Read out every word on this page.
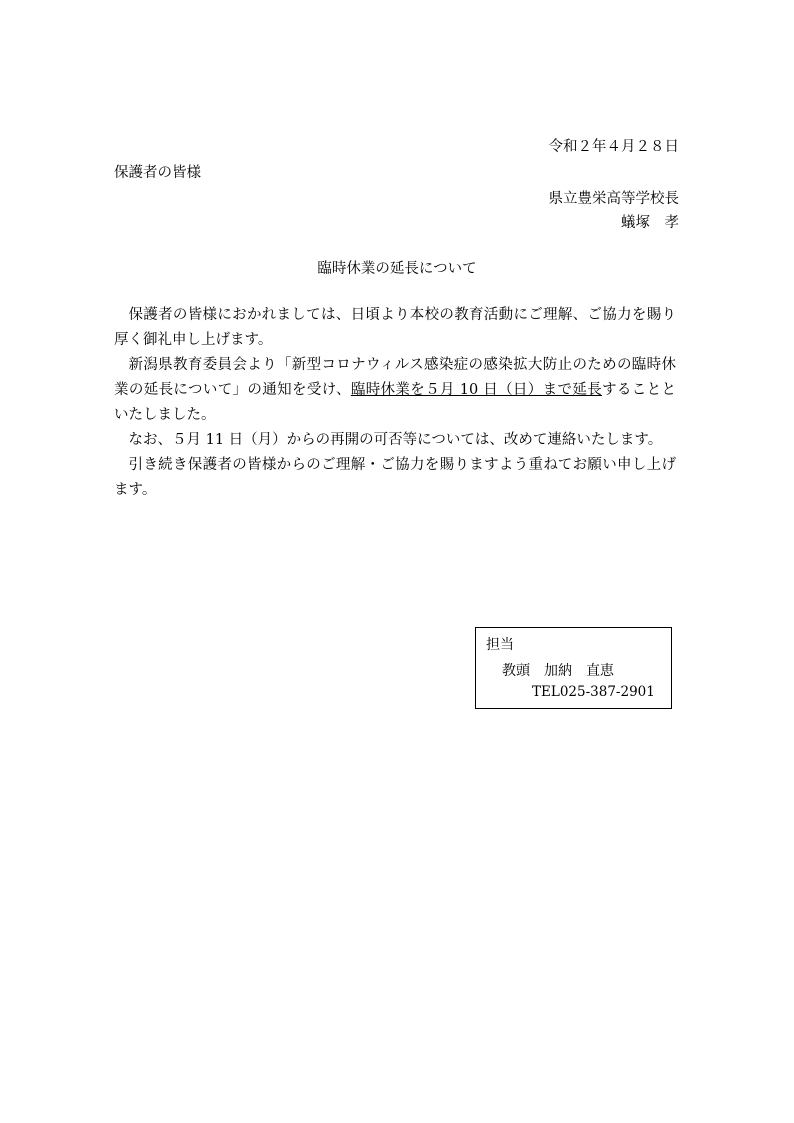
令和２年４月２８日
保護者の皆様
県立豊栄高等学校長
蟻塚　孝
臨時休業の延長について

保護者の皆様におかれましては、日頃より本校の教育活動にご理解、ご協力を賜り厚く御礼申し上げます。

新潟県教育委員会より「新型コロナウィルス感染症の感染拡大防止のための臨時休業の延長について」の通知を受け、臨時休業を５月 10 日（日）まで延長することといたしました。

なお、５月 11 日（月）からの再開の可否等については、改めて連絡いたします。

引き続き保護者の皆様からのご理解・ご協力を賜りますよう重ねてお願い申し上げます。

担当
教頭 加納　直恵
TEL025-387-2901
